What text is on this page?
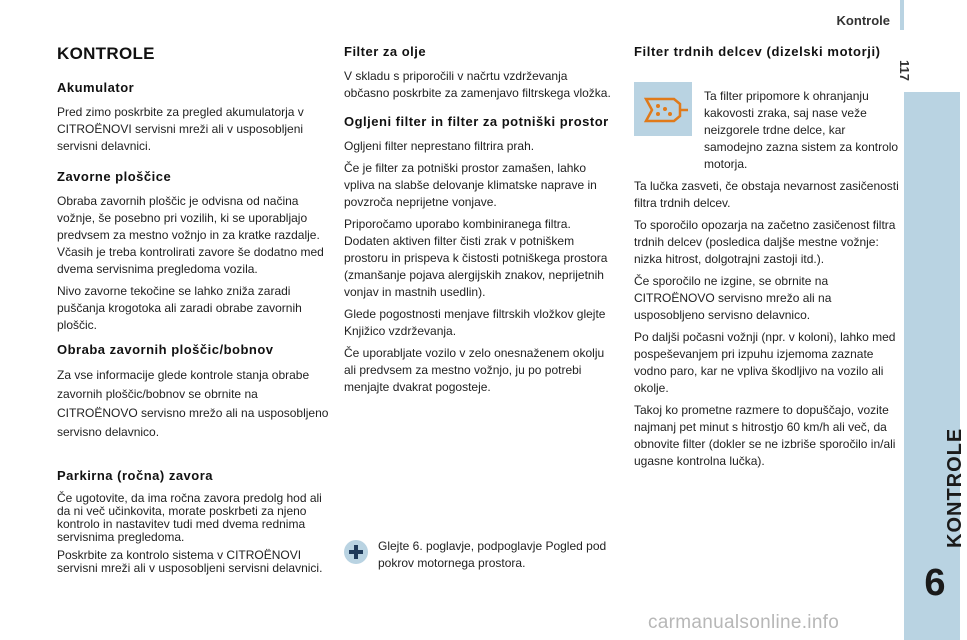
Kontrole
117
KONTROLE
6
KONTROLE
Akumulator

Pred zimo poskrbite za pregled akumulatorja v CITROËNOVI servisni mreži ali v usposobljeni servisni delavnici.

Zavorne ploščice

Obraba zavornih ploščic je odvisna od načina vožnje, še posebno pri vozilih, ki se uporabljajo predvsem za mestno vožnjo in za kratke razdalje. Včasih je treba kontrolirati zavore še dodatno med dvema servisnima pregledoma vozila.

Nivo zavorne tekočine se lahko zniža zaradi puščanja krogotoka ali zaradi obrabe zavornih ploščic.

Obraba zavornih ploščic/bobnov

Za vse informacije glede kontrole stanja obrabe zavornih ploščic/bobnov se obrnite na CITROËNOVO servisno mrežo ali na usposobljeno servisno delavnico.

Parkirna (ročna) zavora

Če ugotovite, da ima ročna zavora predolg hod ali da ni več učinkovita, morate poskrbeti za njeno kontrolo in nastavitev tudi med dvema rednima servisnima pregledoma.

Poskrbite za kontrolo sistema v CITROËNOVI servisni mreži ali v usposobljeni servisni delavnici.

Filter za olje

V skladu s priporočili v načrtu vzdrževanja občasno poskrbite za zamenjavo filtrskega vložka.

Ogljeni filter in filter za potniški prostor

Ogljeni filter neprestano filtrira prah.

Če je filter za potniški prostor zamašen, lahko vpliva na slabše delovanje klimatske naprave in povzroča neprijetne vonjave.

Priporočamo uporabo kombiniranega filtra. Dodaten aktiven filter čisti zrak v potniškem prostoru in prispeva k čistosti potniškega prostora (zmanšanje pojava alergijskih znakov, neprijetnih vonjav in mastnih usedlin).

Glede pogostnosti menjave filtrskih vložkov glejte Knjižico vzdrževanja.

Če uporabljate vozilo v zelo onesnaženem okolju ali predvsem za mestno vožnjo, ju po potrebi menjajte dvakrat pogosteje.

Glejte 6. poglavje, podpoglavje Pogled pod pokrov motornega prostora.

Filter trdnih delcev (dizelski motorji)

Ta filter pripomore k ohranjanju kakovosti zraka, saj nase veže neizgorele trdne delce, kar samodejno zazna sistem za kontrolo motorja.

Ta lučka zasveti, če obstaja nevarnost zasičenosti filtra trdnih delcev.

To sporočilo opozarja na začetno zasičenost filtra trdnih delcev (posledica daljše mestne vožnje: nizka hitrost, dolgotrajni zastoji itd.).

Če sporočilo ne izgine, se obrnite na CITROËNOVO servisno mrežo ali na usposobljeno servisno delavnico.

Po daljši počasni vožnji (npr. v koloni), lahko med pospeševanjem pri izpuhu izjemoma zaznate vodno paro, kar ne vpliva škodljivo na vozilo ali okolje.

Takoj ko prometne razmere to dopuščajo, vozite najmanj pet minut s hitrostjo 60 km/h ali več, da obnovite filter (dokler se ne izbriše sporočilo in/ali ugasne kontrolna lučka).

carmanualsonline.info
